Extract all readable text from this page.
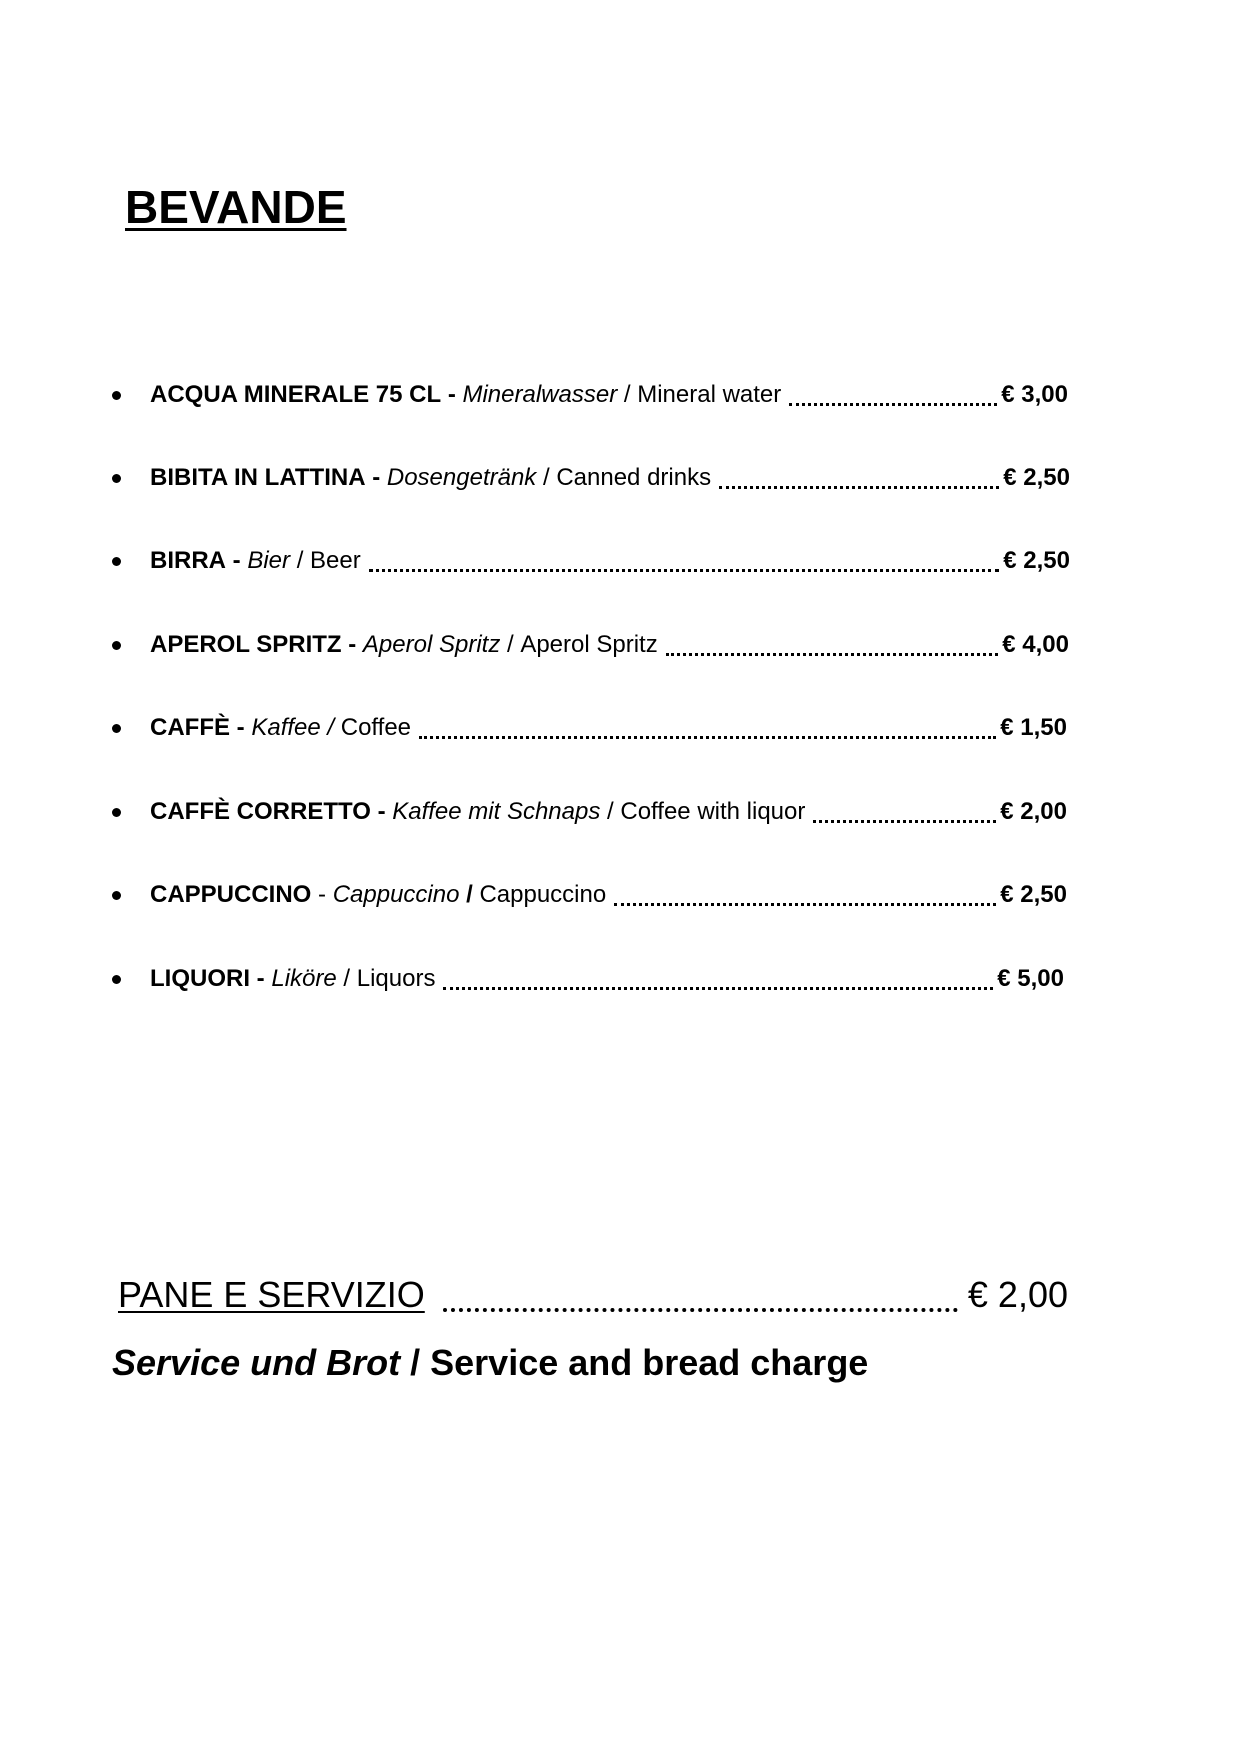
BEVANDE
ACQUA MINERALE 75 CL
-
Mineralwasser
/
Mineral water	€ 3,00
BIBITA IN LATTINA
-
Dosengetränk
/
Canned drinks	€ 2,50
BIRRA
-
Bier
/
Beer	€ 2,50
APEROL SPRITZ
-
Aperol Spritz
/
Aperol Spritz	€ 4,00
CAFFÈ
-
Kaffee /
Coffee	€ 1,50
CAFFÈ CORRETTO
-
Kaffee mit Schnaps
/
Coffee with liquor	€ 2,00
CAPPUCCINO
-
Cappuccino
/
Cappuccino	€ 2,50
LIQUORI
-
Liköre
/
Liquors	€ 5,00
PANE E SERVIZIO	€ 2,00
Service und Brot / Service and bread charge
